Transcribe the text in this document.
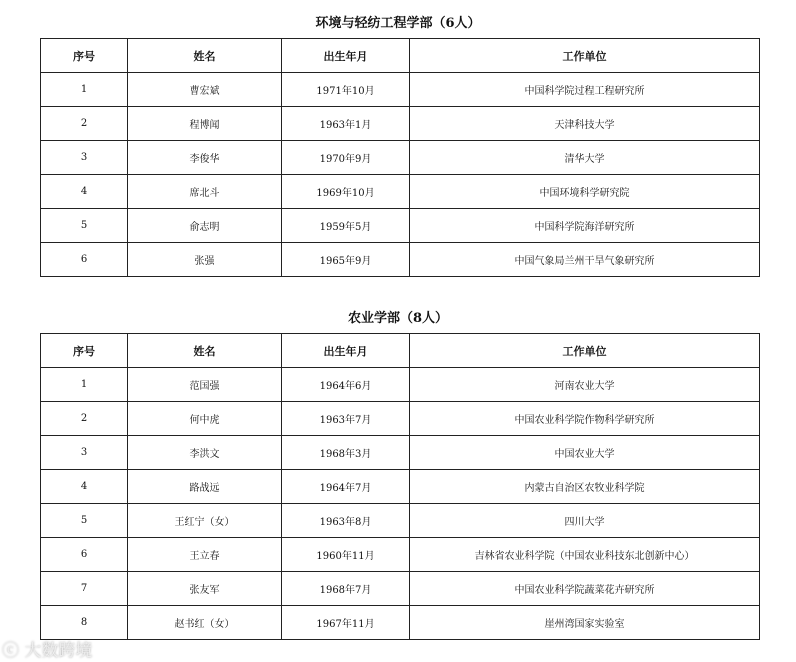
环境与轻纺工程学部（6人）
序号	姓名	出生年月	工作单位
1	曹宏斌	1971年10月	中国科学院过程工程研究所
2	程博闻	1963年1月	天津科技大学
3	李俊华	1970年9月	清华大学
4	席北斗	1969年10月	中国环境科学研究院
5	俞志明	1959年5月	中国科学院海洋研究所
6	张强	1965年9月	中国气象局兰州干旱气象研究所
农业学部（8人）
序号	姓名	出生年月	工作单位
1	范国强	1964年6月	河南农业大学
2	何中虎	1963年7月	中国农业科学院作物科学研究所
3	李洪文	1968年3月	中国农业大学
4	路战远	1964年7月	内蒙古自治区农牧业科学院
5	王红宁（女）	1963年8月	四川大学
6	王立春	1960年11月	吉林省农业科学院（中国农业科技东北创新中心）
7	张友军	1968年7月	中国农业科学院蔬菜花卉研究所
8	赵书红（女）	1967年11月	崖州湾国家实验室
ⓒ 大数跨境
